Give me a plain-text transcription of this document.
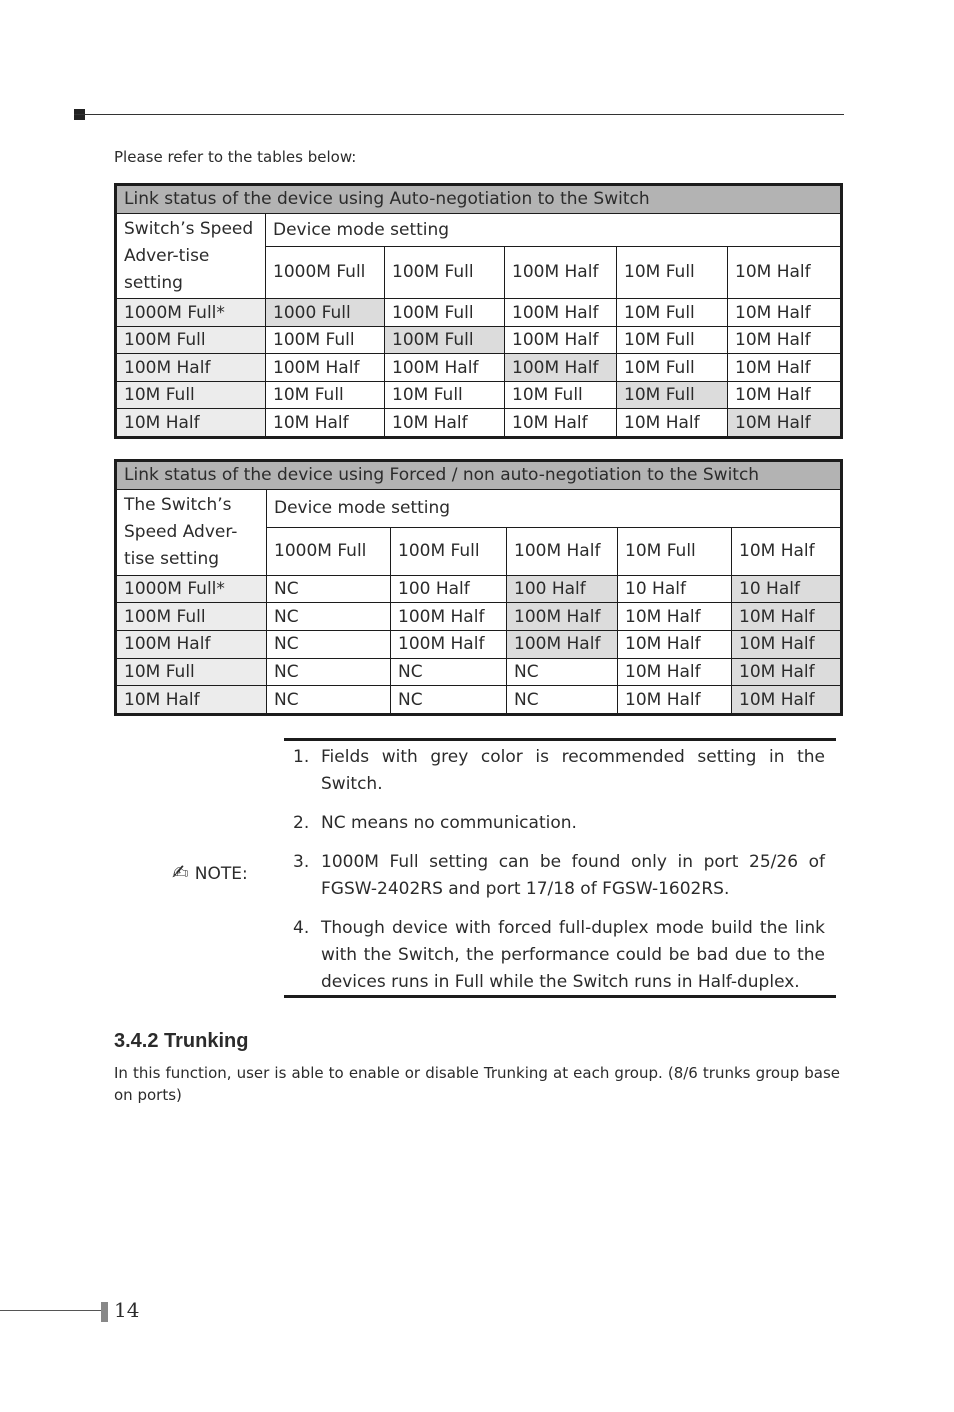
Please refer to the tables below:
Link status of the device using Auto-negotiation to the Switch					
Switch’s Speed Adver-tise setting	Device mode setting				
	1000M Full	100M Full	100M Half	10M Full	10M Half
1000M Full*	1000 Full	100M Full	100M Half	10M Full	10M Half
100M Full	100M Full	100M Full	100M Half	10M Full	10M Half
100M Half	100M Half	100M Half	100M Half	10M Full	10M Half
10M Full	10M Full	10M Full	10M Full	10M Full	10M Half
10M Half	10M Half	10M Half	10M Half	10M Half	10M Half
Link status of the device using Forced / non auto-negotiation to the Switch					
The Switch’s Speed Adver-tise setting	Device mode setting				
	1000M Full	100M Full	100M Half	10M Full	10M Half
1000M Full*	NC	100 Half	100 Half	10 Half	10 Half
100M Full	NC	100M Half	100M Half	10M Half	10M Half
100M Half	NC	100M Half	100M Half	10M Half	10M Half
10M Full	NC	NC	NC	10M Half	10M Half
10M Half	NC	NC	NC	10M Half	10M Half
✍ NOTE:
1. Fields with grey color is recommended setting in the Switch.
2. NC means no communication.
3. 1000M Full setting can be found only in port 25/26 of FGSW-2402RS and port 17/18 of FGSW-1602RS.
4. Though device with forced full-duplex mode build the link with the Switch, the performance could be bad due to the devices runs in Full while the Switch runs in Half-duplex.
3.4.2 Trunking
In this function, user is able to enable or disable Trunking at each group. (8/6 trunks group base on ports)
14
